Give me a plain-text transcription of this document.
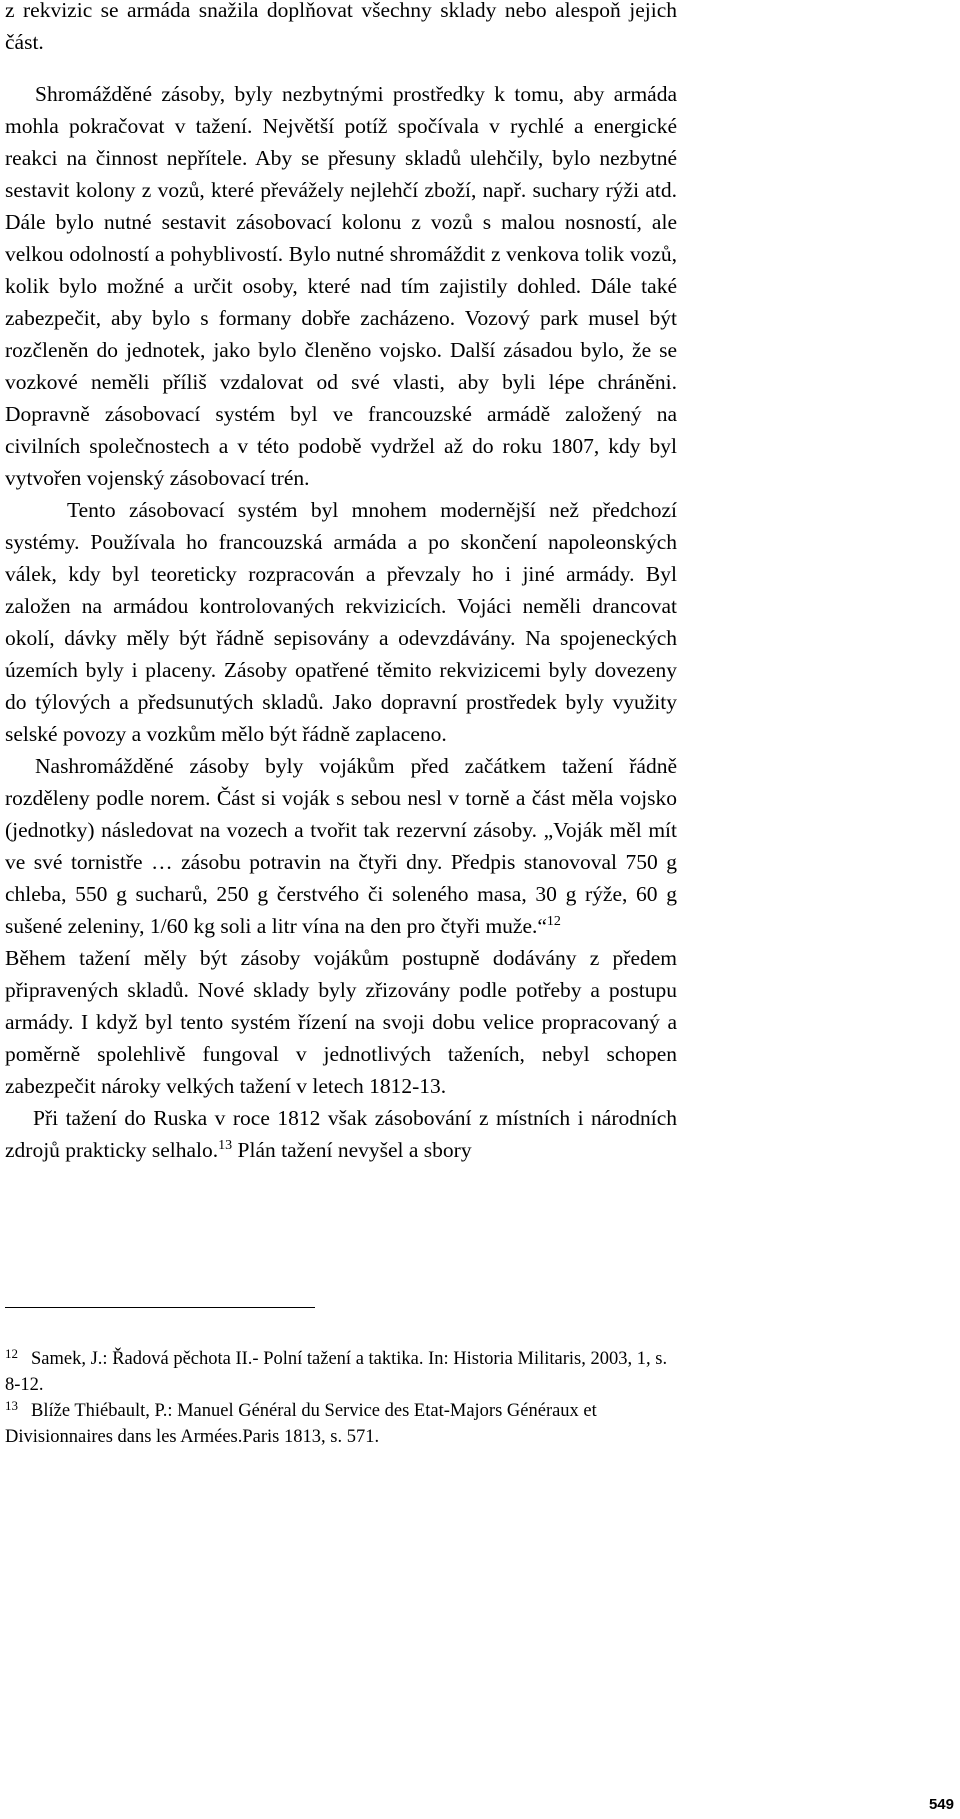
z rekvizic se armáda snažila doplňovat všechny sklady nebo alespoň jejich část.

Shromážděné zásoby, byly nezbytnými prostředky k tomu, aby armáda mohla pokračovat v tažení. Největší potíž spočívala v rychlé a energické reakci na činnost nepřítele. Aby se přesuny skladů ulehčily, bylo nezbytné sestavit kolony z vozů, které převážely nejlehčí zboží, např. suchary rýži atd. Dále bylo nutné sestavit zásobovací kolonu z vozů s malou nosností, ale velkou odolností a pohyblivostí. Bylo nutné shromáždit z venkova tolik vozů, kolik bylo možné a určit osoby, které nad tím zajistily dohled. Dále také zabezpečit, aby bylo s formany dobře zacházeno. Vozový park musel být rozčleněn do jednotek, jako bylo členěno vojsko. Další zásadou bylo, že se vozkové neměli příliš vzdalovat od své vlasti, aby byli lépe chráněni. Dopravně zásobovací systém byl ve francouzské armádě založený na civilních společnostech a v této podobě vydržel až do roku 1807, kdy byl vytvořen vojenský zásobovací trén.

Tento zásobovací systém byl mnohem modernější než předchozí systémy. Používala ho francouzská armáda a po skončení napoleonských válek, kdy byl teoreticky rozpracován a převzaly ho i jiné armády. Byl založen na armádou kontrolovaných rekvizicích. Vojáci neměli drancovat okolí, dávky měly být řádně sepisovány a odevzdávány. Na spojeneckých územích byly i placeny. Zásoby opatřené těmito rekvizicemi byly dovezeny do týlových a předsunutých skladů. Jako dopravní prostředek byly využity selské povozy a vozkům mělo být řádně zaplaceno.

Nashromážděné zásoby byly vojákům před začátkem tažení řádně rozděleny podle norem. Část si voják s sebou nesl v torně a část měla vojsko (jednotky) následovat na vozech a tvořit tak rezervní zásoby. „Voják měl mít ve své tornistře … zásobu potravin na čtyři dny. Předpis stanovoval 750 g chleba, 550 g sucharů, 250 g čerstvého či soleného masa, 30 g rýže, 60 g sušené zeleniny, 1/60 kg soli a litr vína na den pro čtyři muže.“$^{12}$

Během tažení měly být zásoby vojákům postupně dodávány z předem připravených skladů. Nové sklady byly zřizovány podle potřeby a postupu armády. I když byl tento systém řízení na svoji dobu velice propracovaný a poměrně spolehlivě fungoval v jednotlivých taženích, nebyl schopen zabezpečit nároky velkých tažení v letech 1812-13.

Při tažení do Ruska v roce 1812 však zásobování z místních i národních zdrojů prakticky selhalo.$^{13}$ Plán tažení nevyšel a sbory

$^{12}$ Samek, J.: Řadová pěchota II.- Polní tažení a taktika. In: Historia Militaris, 2003, 1, s. 8-12.

$^{13}$ Blíže Thiébault, P.: Manuel Général du Service des Etat-Majors Généraux et Divisionnaires dans les Armées.Paris 1813, s. 571.

549
